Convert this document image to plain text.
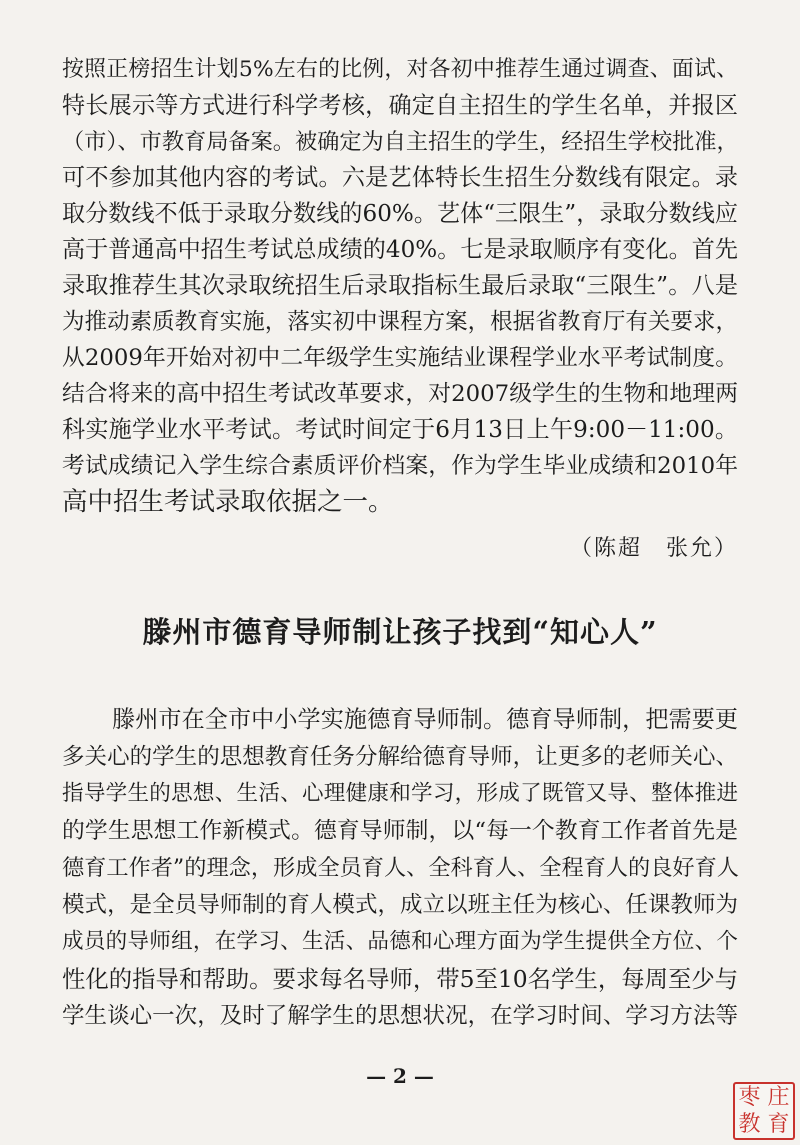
按照正榜招生计划5%左右的比例，对各初中推荐生通过调查、面试、
特长展示等方式进行科学考核，确定自主招生的学生名单，并报区
（市）、市教育局备案。被确定为自主招生的学生，经招生学校批准，
可不参加其他内容的考试。六是艺体特长生招生分数线有限定。录
取分数线不低于录取分数线的60%。艺体“三限生”，录取分数线应
高于普通高中招生考试总成绩的40%。七是录取顺序有变化。首先
录取推荐生其次录取统招生后录取指标生最后录取“三限生”。八是
为推动素质教育实施，落实初中课程方案，根据省教育厅有关要求，
从2009年开始对初中二年级学生实施结业课程学业水平考试制度。
结合将来的高中招生考试改革要求，对2007级学生的生物和地理两
科实施学业水平考试。考试时间定于6月13日上午9:00－11:00。
考试成绩记入学生综合素质评价档案，作为学生毕业成绩和2010年
高中招生考试录取依据之一。
（陈超　张允）
滕州市德育导师制让孩子找到“知心人”
滕州市在全市中小学实施德育导师制。德育导师制，把需要更
多关心的学生的思想教育任务分解给德育导师，让更多的老师关心、
指导学生的思想、生活、心理健康和学习，形成了既管又导、整体推进
的学生思想工作新模式。德育导师制，以“每一个教育工作者首先是
德育工作者”的理念，形成全员育人、全科育人、全程育人的良好育人
模式，是全员导师制的育人模式，成立以班主任为核心、任课教师为
成员的导师组，在学习、生活、品德和心理方面为学生提供全方位、个
性化的指导和帮助。要求每名导师，带5至10名学生，每周至少与
学生谈心一次，及时了解学生的思想状况，在学习时间、学习方法等
— 2 —
枣 庄
教 育
